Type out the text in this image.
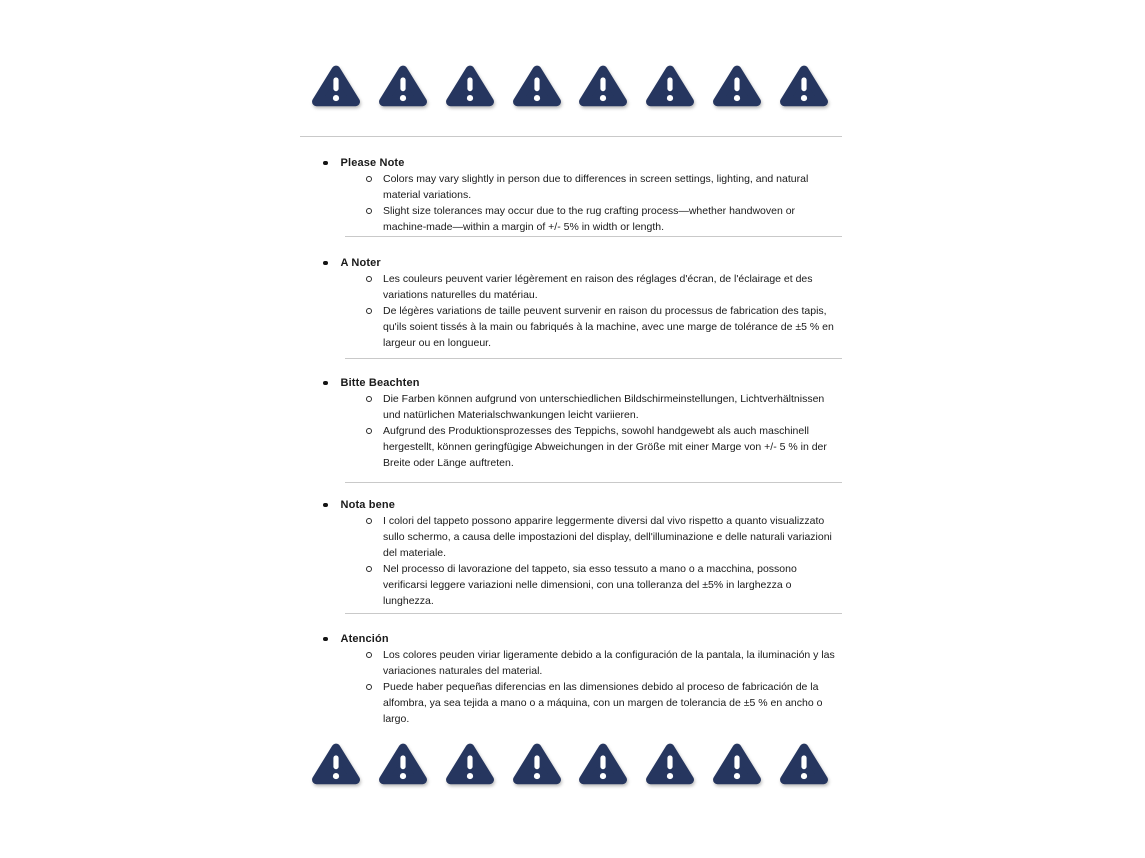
Please Note

Colors may vary slightly in person due to differences in screen settings, lighting, and natural material variations.

Slight size tolerances may occur due to the rug crafting process—whether handwoven or machine-made—within a margin of +/- 5% in width or length.

A Noter

Les couleurs peuvent varier légèrement en raison des réglages d'écran, de l'éclairage et des variations naturelles du matériau.

De légères variations de taille peuvent survenir en raison du processus de fabrication des tapis, qu'ils soient tissés à la main ou fabriqués à la machine, avec une marge de tolérance de ±5 % en largeur ou en longueur.

Bitte Beachten

Die Farben können aufgrund von unterschiedlichen Bildschirmeinstellungen, Lichtverhältnissen und natürlichen Materialschwankungen leicht variieren.

Aufgrund des Produktionsprozesses des Teppichs, sowohl handgewebt als auch maschinell hergestellt, können geringfügige Abweichungen in der Größe mit einer Marge von +/- 5 % in der Breite oder Länge auftreten.

Nota bene

I colori del tappeto possono apparire leggermente diversi dal vivo rispetto a quanto visualizzato sullo schermo, a causa delle impostazioni del display, dell'illuminazione e delle naturali variazioni del materiale.

Nel processo di lavorazione del tappeto, sia esso tessuto a mano o a macchina, possono verificarsi leggere variazioni nelle dimensioni, con una tolleranza del ±5% in larghezza o lunghezza.

Atención

Los colores peuden viriar ligeramente debido a la configuración de la pantala, la iluminación y las variaciones naturales del material.

Puede haber pequeñas diferencias en las dimensiones debido al proceso de fabricación de la alfombra, ya sea tejida a mano o a máquina, con un margen de tolerancia de ±5 % en ancho o largo.
